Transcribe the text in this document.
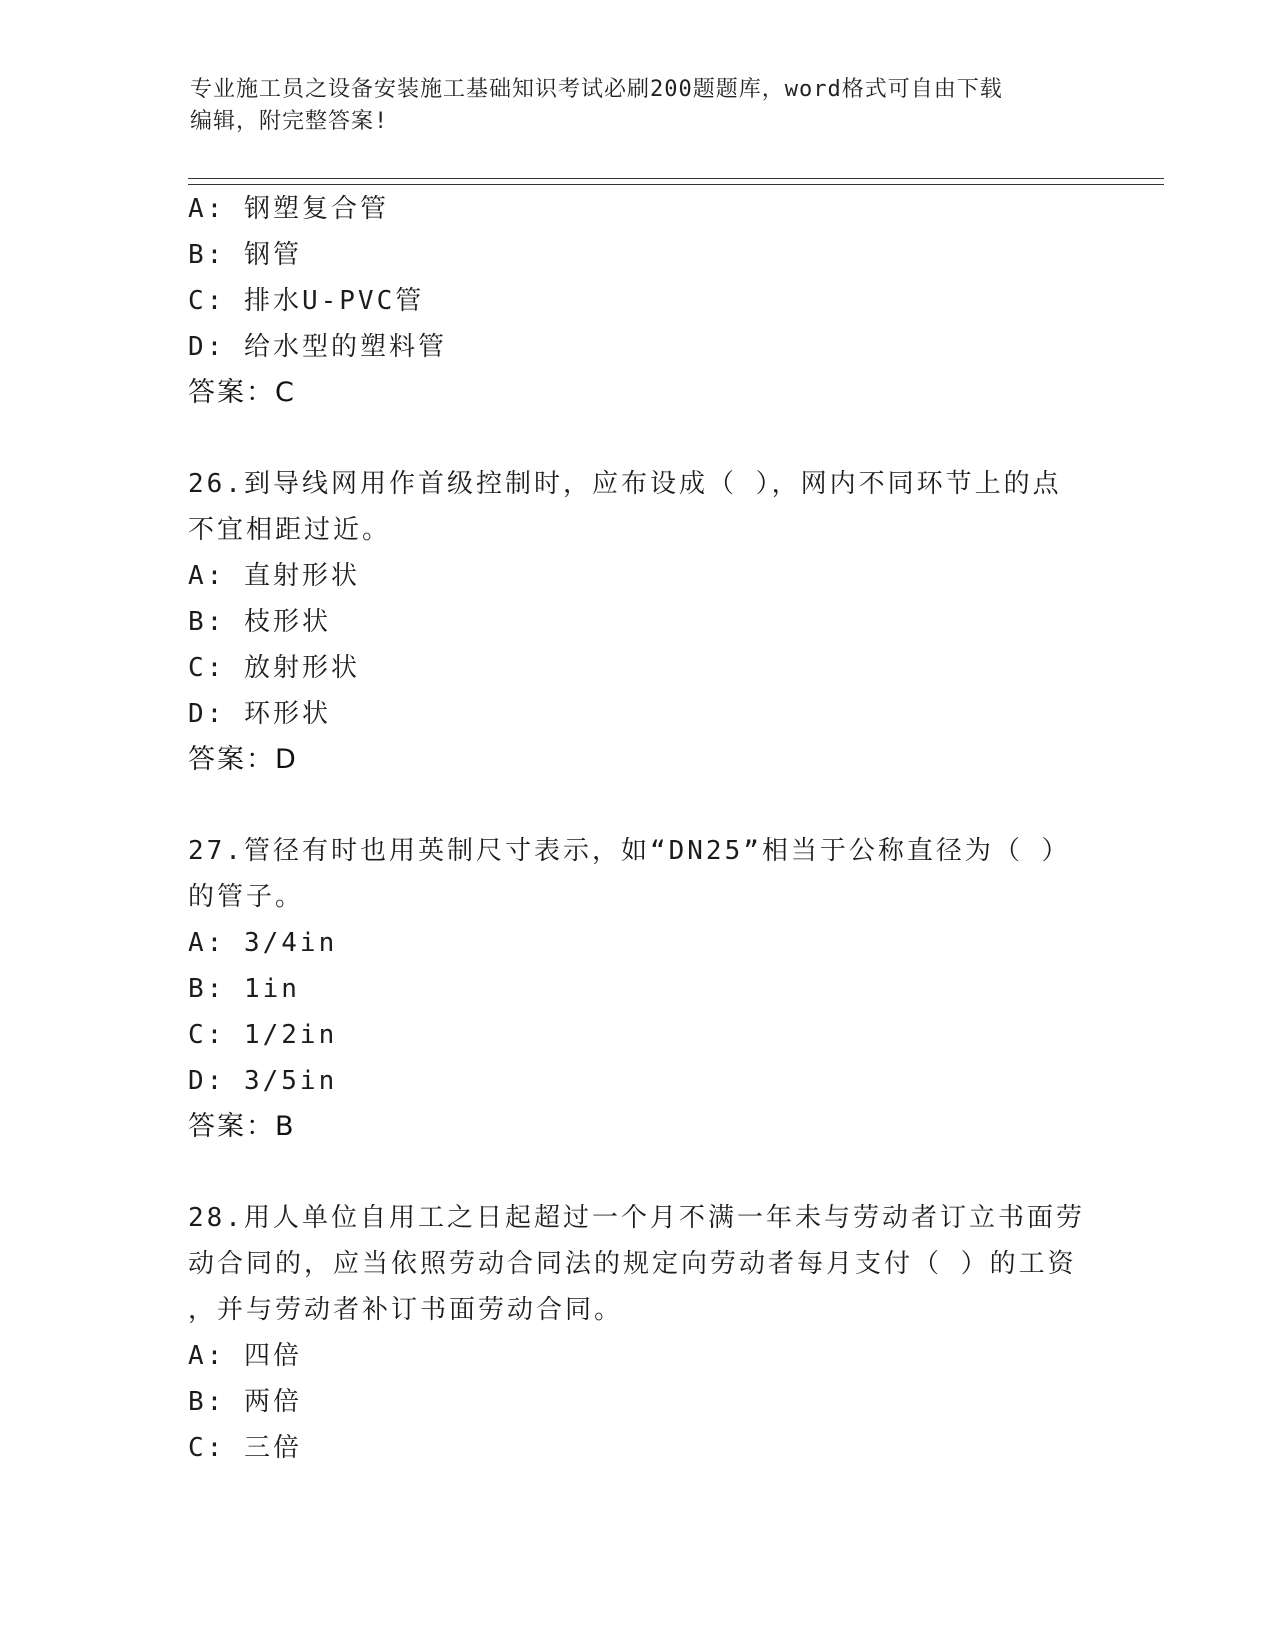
专业施工员之设备安装施工基础知识考试必刷200题题库，word格式可自由下载
编辑，附完整答案!
A: 钢塑复合管
B: 钢管
C: 排水U-PVC管
D: 给水型的塑料管
答案：C
26.到导线网用作首级控制时，应布设成（ ），网内不同环节上的点
不宜相距过近。
A: 直射形状
B: 枝形状
C: 放射形状
D: 环形状
答案：D
27.管径有时也用英制尺寸表示，如“DN25”相当于公称直径为（ ）
的管子。
A: 3/4in
B: 1in
C: 1/2in
D: 3/5in
答案：B
28.用人单位自用工之日起超过一个月不满一年未与劳动者订立书面劳
动合同的，应当依照劳动合同法的规定向劳动者每月支付（ ）的工资
，并与劳动者补订书面劳动合同。
A: 四倍
B: 两倍
C: 三倍
